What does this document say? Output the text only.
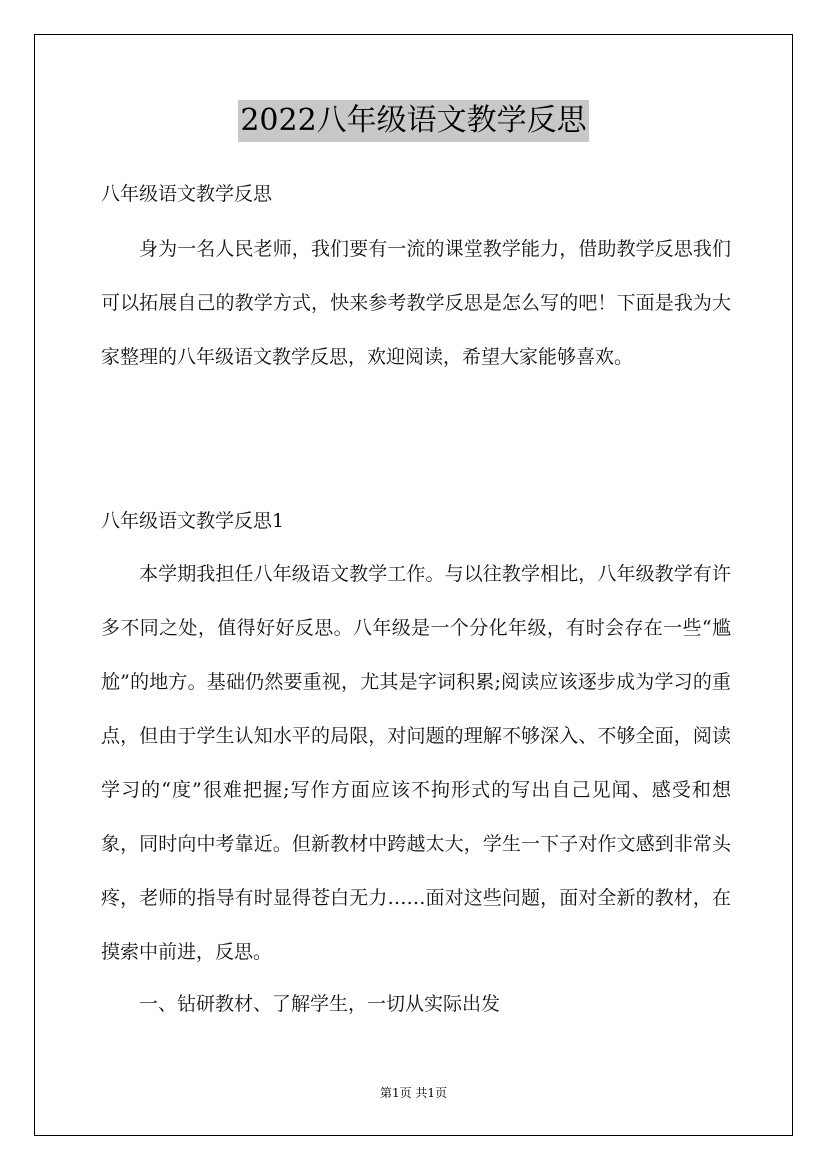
2022八年级语文教学反思

八年级语文教学反思

身为一名人民老师，我们要有一流的课堂教学能力，借助教学反思我们可以拓展自己的教学方式，快来参考教学反思是怎么写的吧！下面是我为大家整理的八年级语文教学反思，欢迎阅读，希望大家能够喜欢。

八年级语文教学反思1

本学期我担任八年级语文教学工作。与以往教学相比，八年级教学有许多不同之处，值得好好反思。八年级是一个分化年级，有时会存在一些“尴尬”的地方。基础仍然要重视，尤其是字词积累;阅读应该逐步成为学习的重点，但由于学生认知水平的局限，对问题的理解不够深入、不够全面，阅读学习的“度”很难把握;写作方面应该不拘形式的写出自己见闻、感受和想象，同时向中考靠近。但新教材中跨越太大，学生一下子对作文感到非常头疼，老师的指导有时显得苍白无力……面对这些问题，面对全新的教材，在摸索中前进，反思。

一、钻研教材、了解学生，一切从实际出发

第1页 共1页
